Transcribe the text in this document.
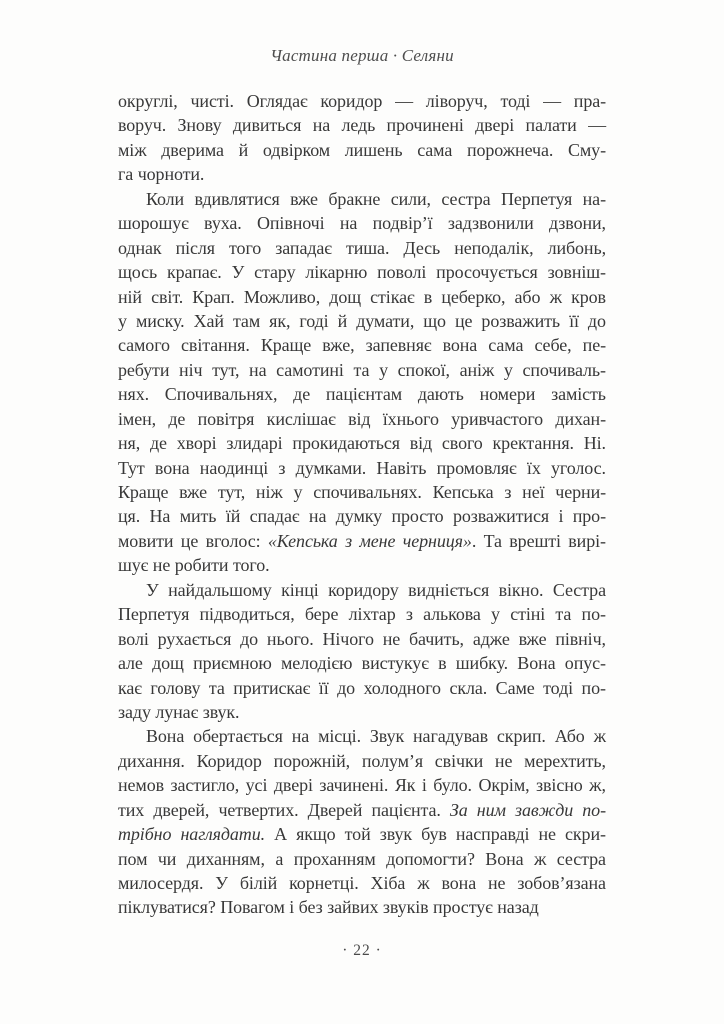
Частина перша · Селяни
округлі, чисті. Оглядає коридор — ліворуч, тоді — пра-
воруч. Знову дивиться на ледь прочинені двері палати —
між дверима й одвірком лишень сама порожнеча. Сму-
га чорноти.
Коли вдивлятися вже бракне сили, сестра Перпетуя на-
шорошує вуха. Опівночі на подвір’ї задзвонили дзвони,
однак після того западає тиша. Десь неподалік, либонь,
щось крапає. У стару лікарню поволі просочується зовніш-
ній світ. Крап. Можливо, дощ стікає в цеберко, або ж кров
у миску. Хай там як, годі й думати, що це розважить її до
самого світання. Краще вже, запевняє вона сама себе, пе-
ребути ніч тут, на самотині та у спокої, аніж у спочиваль-
нях. Спочивальнях, де пацієнтам дають номери замість
імен, де повітря кислішає від їхнього уривчастого дихан-
ня, де хворі злидарі прокидаються від свого кректання. Ні.
Тут вона наодинці з думками. Навіть промовляє їх уголос.
Краще вже тут, ніж у спочивальнях. Кепська з неї черни-
ця. На мить їй спадає на думку просто розважитися і про-
мовити це вголос: «Кепська з мене черниця». Та врешті вирі-
шує не робити того.
У найдальшому кінці коридору видніється вікно. Сестра
Перпетуя підводиться, бере ліхтар з алькова у стіні та по-
волі рухається до нього. Нічого не бачить, адже вже північ,
але дощ приємною мелодією вистукує в шибку. Вона опус-
кає голову та притискає її до холодного скла. Саме тоді по-
заду лунає звук.
Вона обертається на місці. Звук нагадував скрип. Або ж
дихання. Коридор порожній, полум’я свічки не мерехтить,
немов застигло, усі двері зачинені. Як і було. Окрім, звісно ж,
тих дверей, четвертих. Дверей пацієнта. За ним завжди по-
трібно наглядати. А якщо той звук був насправді не скри-
пом чи диханням, а проханням допомогти? Вона ж сестра
милосердя. У білій корнетці. Хіба ж вона не зобов’язана
піклуватися? Повагом і без зайвих звуків простує назад
· 22 ·
